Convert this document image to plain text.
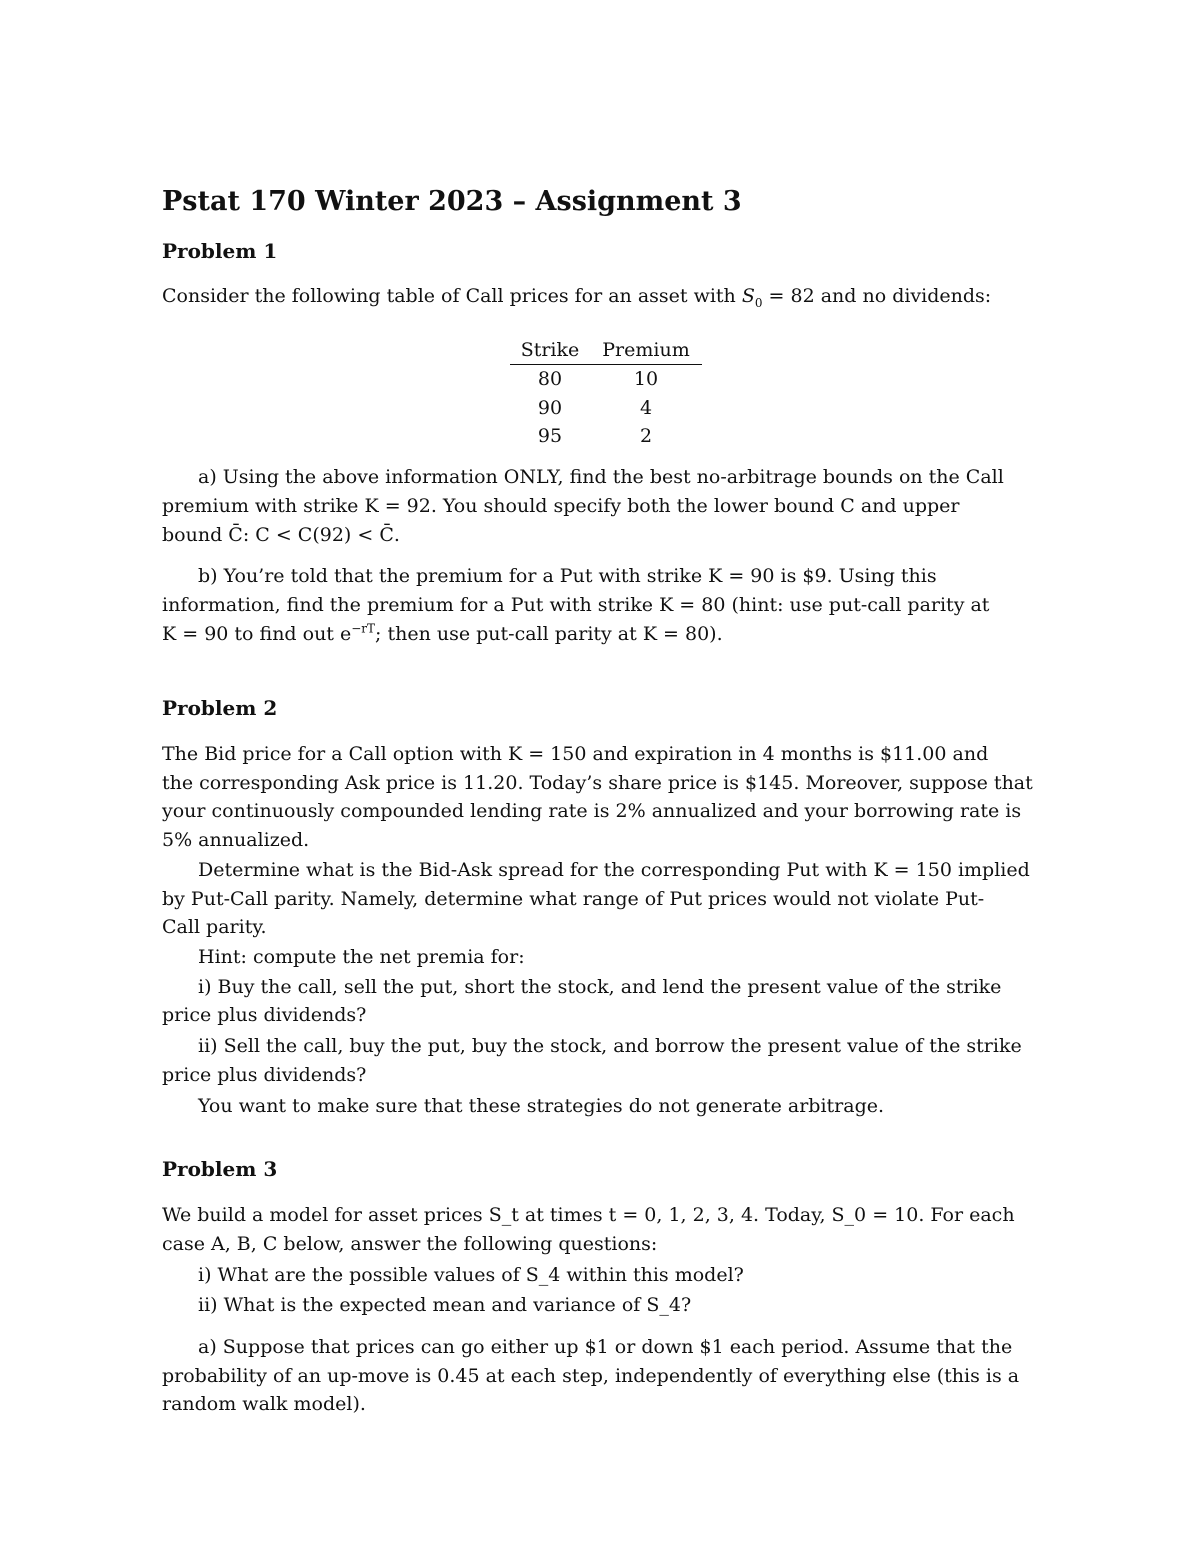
Pstat 170 Winter 2023 – Assignment 3
Problem 1
Consider the following table of Call prices for an asset with $S_0 = 82$ and no dividends:
Strike	Premium
80	10
90	4
95	2
a) Using the above information ONLY, find the best no-arbitrage bounds on the Call
premium with strike K = 92. You should specify both the lower bound C and upper
bound C̄: C < C(92) < C̄.
b) You’re told that the premium for a Put with strike K = 90 is $9. Using this
information, find the premium for a Put with strike K = 80 (hint: use put-call parity at
K = 90 to find out $e^{-rT}$; then use put-call parity at K = 80).
Problem 2
The Bid price for a Call option with K = 150 and expiration in 4 months is $11.00 and
the corresponding Ask price is 11.20. Today’s share price is $145. Moreover, suppose that
your continuously compounded lending rate is 2% annualized and your borrowing rate is
5% annualized.
Determine what is the Bid-Ask spread for the corresponding Put with K = 150 implied
by Put-Call parity. Namely, determine what range of Put prices would not violate Put-
Call parity.
Hint: compute the net premia for:
i) Buy the call, sell the put, short the stock, and lend the present value of the strike
price plus dividends?
ii) Sell the call, buy the put, buy the stock, and borrow the present value of the strike
price plus dividends?
You want to make sure that these strategies do not generate arbitrage.
Problem 3
We build a model for asset prices S_t at times t = 0, 1, 2, 3, 4. Today, S_0 = 10. For each
case A, B, C below, answer the following questions:
i) What are the possible values of S_4 within this model?
ii) What is the expected mean and variance of S_4?
a) Suppose that prices can go either up $1 or down $1 each period. Assume that the
probability of an up-move is 0.45 at each step, independently of everything else (this is a
random walk model).
